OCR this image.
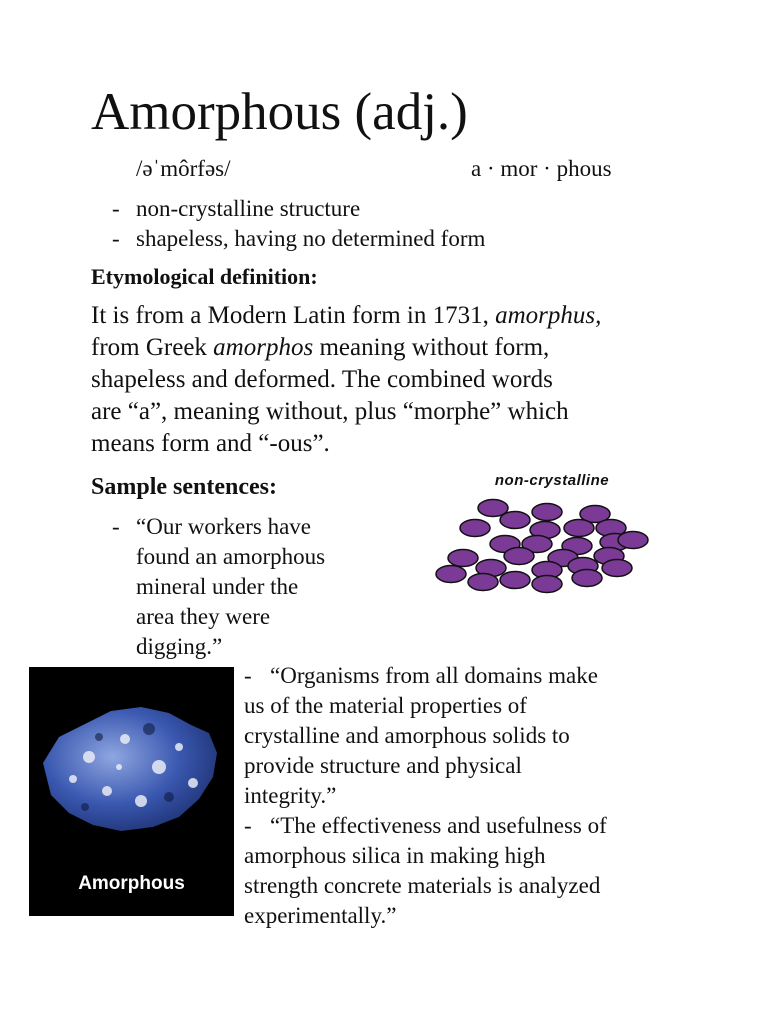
Amorphous (adj.)
/əˈmôrfəs/	a · mor · phous
- non-crystalline structure
- shapeless, having no determined form
Etymological definition:
It is from a Modern Latin form in 1731, amorphus,
from Greek amorphos meaning without form,
shapeless and deformed. The combined words
are “a”, meaning without, plus “morphe” which
means form and “-ous”.
Sample sentences:
- “Our workers have
found an amorphous
mineral under the
area they were
digging.”
- “Organisms from all domains make
us of the material properties of
crystalline and amorphous solids to
provide structure and physical
integrity.”
- “The effectiveness and usefulness of
amorphous silica in making high
strength concrete materials is analyzed
experimentally.”
non-crystalline
Amorphous
